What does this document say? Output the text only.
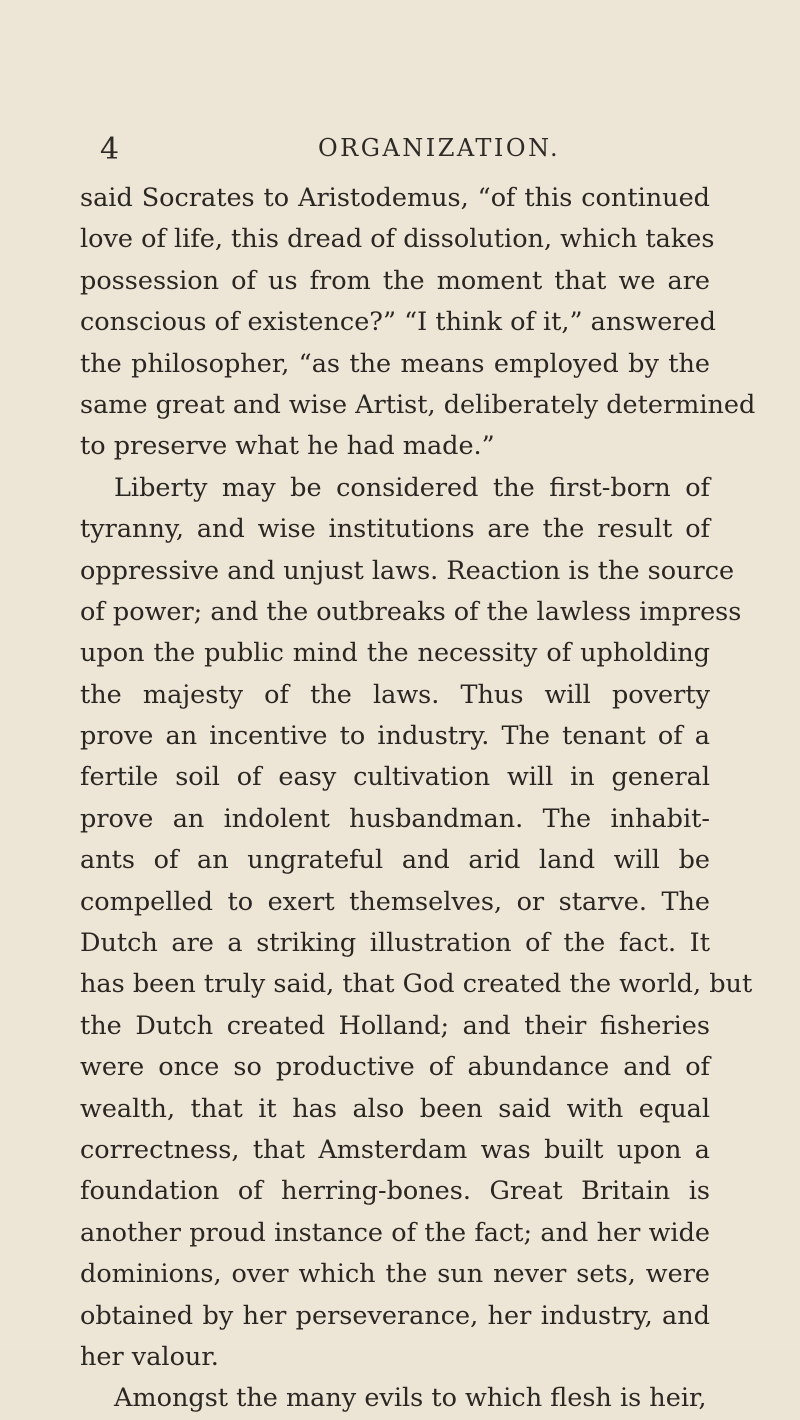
4	ORGANIZATION.
said Socrates to Aristodemus, “of this continued
love of life, this dread of dissolution, which takes
possession of us from the moment that we are
conscious of existence?” “I think of it,” answered
the philosopher, “as the means employed by the
same great and wise Artist, deliberately determined
to preserve what he had made.”
Liberty may be considered the first-born of
tyranny, and wise institutions are the result of
oppressive and unjust laws. Reaction is the source
of power; and the outbreaks of the lawless impress
upon the public mind the necessity of upholding
the majesty of the laws. Thus will poverty
prove an incentive to industry. The tenant of a
fertile soil of easy cultivation will in general
prove an indolent husbandman. The inhabit-
ants of an ungrateful and arid land will be
compelled to exert themselves, or starve. The
Dutch are a striking illustration of the fact. It
has been truly said, that God created the world, but
the Dutch created Holland; and their fisheries
were once so productive of abundance and of
wealth, that it has also been said with equal
correctness, that Amsterdam was built upon a
foundation of herring-bones. Great Britain is
another proud instance of the fact; and her wide
dominions, over which the sun never sets, were
obtained by her perseverance, her industry, and
her valour.
Amongst the many evils to which flesh is heir,
